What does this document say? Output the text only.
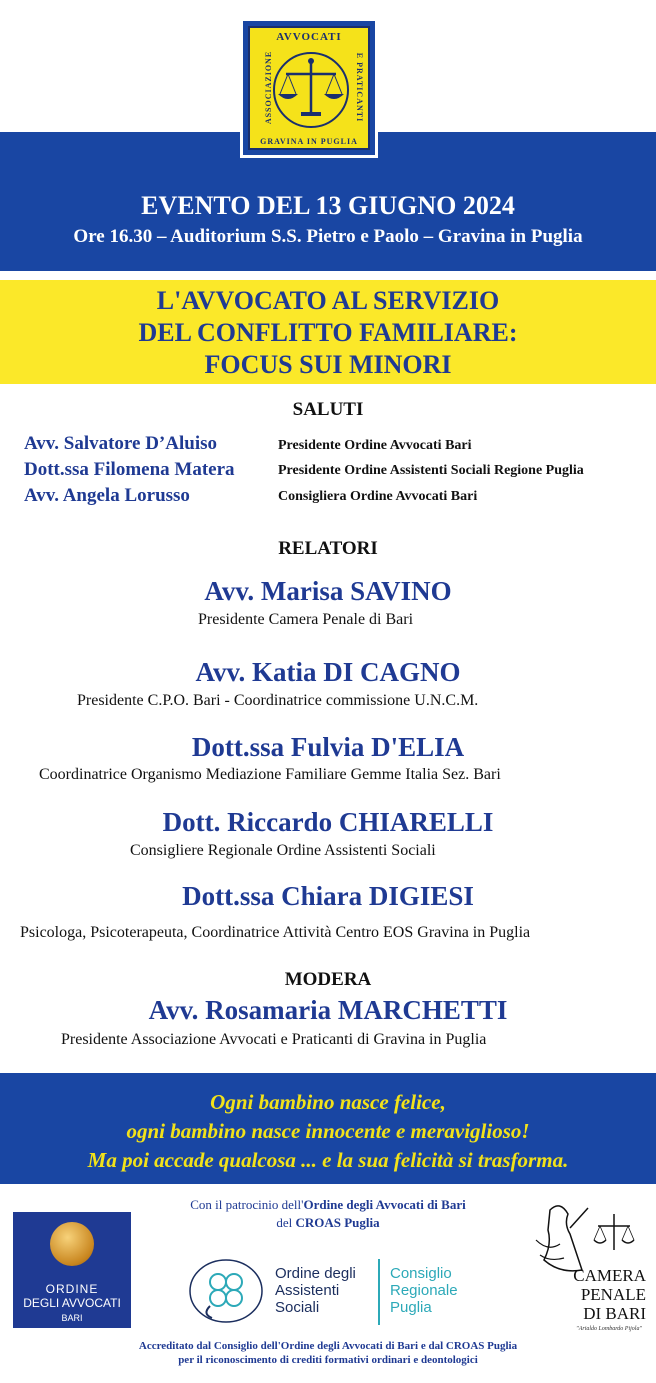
AVVOCATI
ASSOCIAZIONE	E PRATICANTI
GRAVINA IN PUGLIA
EVENTO DEL 13 GIUGNO 2024
Ore 16.30 – Auditorium S.S. Pietro e Paolo – Gravina in Puglia
L'AVVOCATO AL SERVIZIO
DEL CONFLITTO FAMILIARE:
FOCUS SUI MINORI
SALUTI
Avv. Salvatore D’Aluiso	Presidente Ordine Avvocati Bari
Dott.ssa Filomena Matera	Presidente Ordine Assistenti Sociali Regione Puglia
Avv. Angela Lorusso	Consigliera Ordine Avvocati Bari
RELATORI
Avv. Marisa SAVINO
Presidente Camera Penale di Bari
Avv. Katia DI CAGNO
Presidente C.P.O. Bari - Coordinatrice commissione U.N.C.M.
Dott.ssa Fulvia D'ELIA
Coordinatrice Organismo Mediazione Familiare Gemme Italia Sez. Bari
Dott. Riccardo CHIARELLI
Consigliere Regionale Ordine Assistenti Sociali
Dott.ssa Chiara DIGIESI
Psicologa, Psicoterapeuta, Coordinatrice Attività Centro EOS Gravina in Puglia
MODERA
Avv. Rosamaria MARCHETTI
Presidente Associazione Avvocati e Praticanti di Gravina in Puglia
Ogni bambino nasce felice,
ogni bambino nasce innocente e meraviglioso!
Ma poi accade qualcosa ... e la sua felicità si trasforma.
Con il patrocinio dell'Ordine degli Avvocati di Bari
del CROAS Puglia
ORDINE
DEGLI AVVOCATI
BARI
Ordine degli
Assistenti
Sociali
Consiglio
Regionale
Puglia
CAMERA
PENALE
DI BARI
"Arialdo Lombardo Pijola"
Accreditato dal Consiglio dell'Ordine degli Avvocati di Bari e dal CROAS Puglia
per il riconoscimento di crediti formativi ordinari e deontologici
